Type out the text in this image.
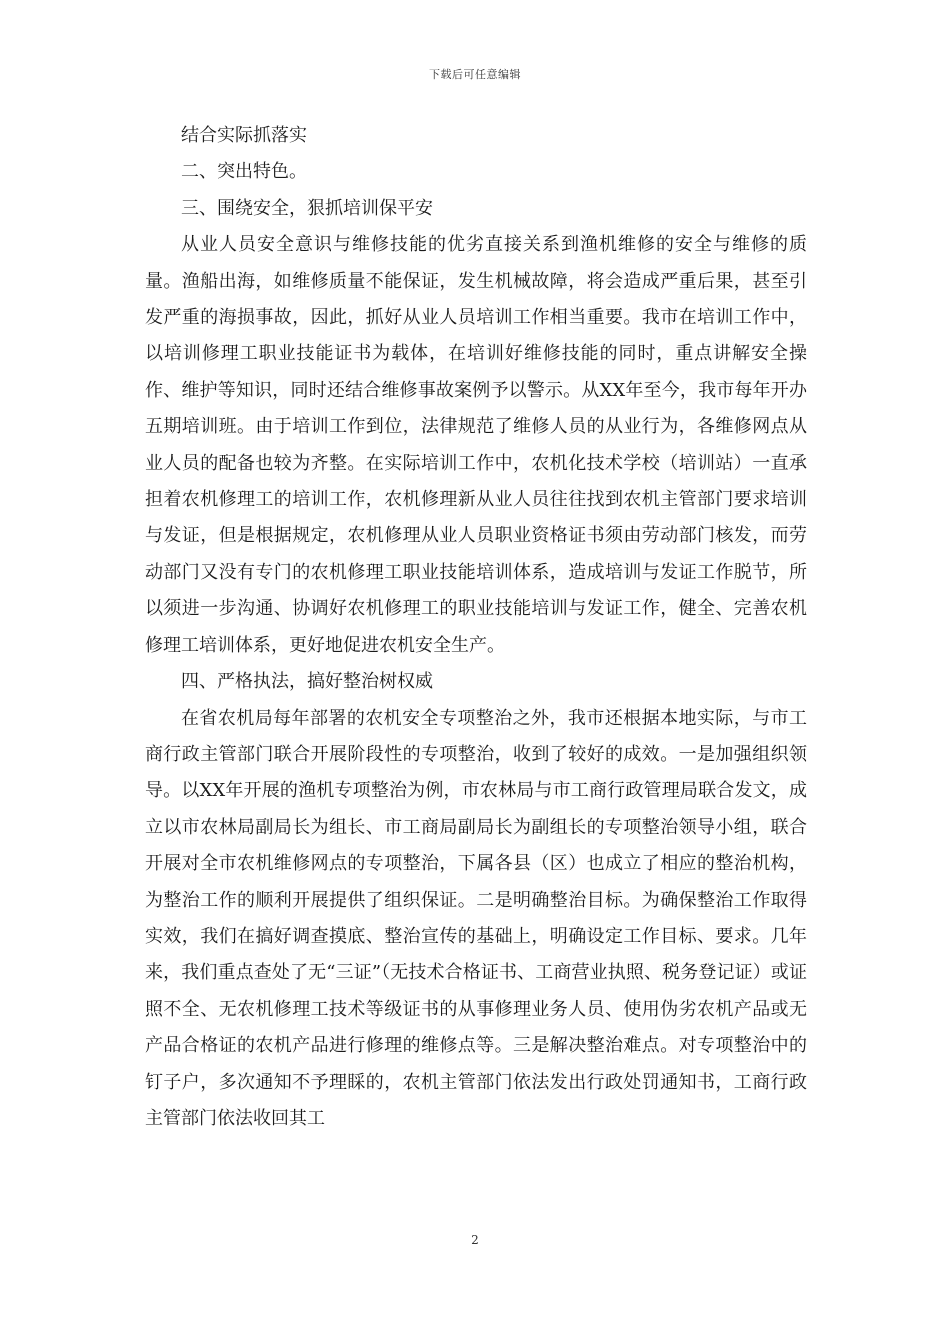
下载后可任意编辑

结合实际抓落实

二、突出特色。

三、围绕安全，狠抓培训保平安

从业人员安全意识与维修技能的优劣直接关系到渔机维修的安全与维修的质量。渔船出海，如维修质量不能保证，发生机械故障，将会造成严重后果，甚至引发严重的海损事故，因此，抓好从业人员培训工作相当重要。我市在培训工作中，以培训修理工职业技能证书为载体，在培训好维修技能的同时，重点讲解安全操作、维护等知识，同时还结合维修事故案例予以警示。从XX年至今，我市每年开办五期培训班。由于培训工作到位，法律规范了维修人员的从业行为，各维修网点从业人员的配备也较为齐整。在实际培训工作中，农机化技术学校（培训站）一直承担着农机修理工的培训工作，农机修理新从业人员往往找到农机主管部门要求培训与发证，但是根据规定，农机修理从业人员职业资格证书须由劳动部门核发，而劳动部门又没有专门的农机修理工职业技能培训体系，造成培训与发证工作脱节，所以须进一步沟通、协调好农机修理工的职业技能培训与发证工作，健全、完善农机修理工培训体系，更好地促进农机安全生产。

四、严格执法，搞好整治树权威

在省农机局每年部署的农机安全专项整治之外，我市还根据本地实际，与市工商行政主管部门联合开展阶段性的专项整治，收到了较好的成效。一是加强组织领导。以XX年开展的渔机专项整治为例，市农林局与市工商行政管理局联合发文，成立以市农林局副局长为组长、市工商局副局长为副组长的专项整治领导小组，联合开展对全市农机维修网点的专项整治，下属各县（区）也成立了相应的整治机构，为整治工作的顺利开展提供了组织保证。二是明确整治目标。为确保整治工作取得实效，我们在搞好调查摸底、整治宣传的基础上，明确设定工作目标、要求。几年来，我们重点查处了无“三证”（无技术合格证书、工商营业执照、税务登记证）或证照不全、无农机修理工技术等级证书的从事修理业务人员、使用伪劣农机产品或无产品合格证的农机产品进行修理的维修点等。三是解决整治难点。对专项整治中的钉子户，多次通知不予理睬的，农机主管部门依法发出行政处罚通知书，工商行政主管部门依法收回其工

2
